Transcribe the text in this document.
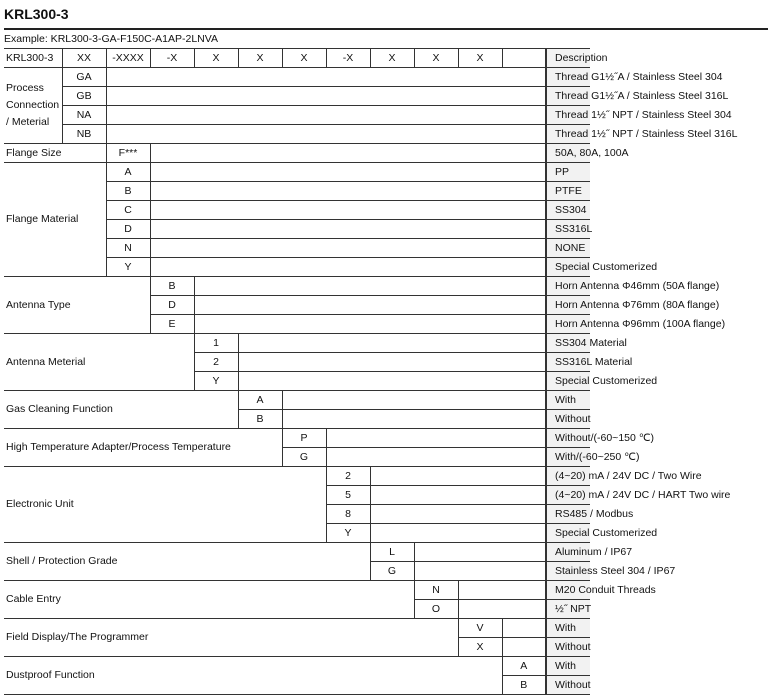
KRL300-3
Example: KRL300-3-GA-F150C-A1AP-2LNVA
KRL300-3	XX	-XXXX	-X	X	X	X	-X	X	X	X		Description
Process Connection / Meterial	GA											Thread G1½˝A / Stainless Steel 304
	GB											Thread G1½˝A / Stainless Steel 316L
	NA											Thread 1½˝ NPT / Stainless Steel 304
	NB											Thread 1½˝ NPT / Stainless Steel 316L
Flange Size		F***										50A, 80A, 100A
Flange Material		A										PP
		B										PTFE
		C										SS304
		D										SS316L
		N										NONE
		Y										Special Customerized
Antenna Type			B									Horn Antenna Φ46mm (50A flange)
			D									Horn Antenna Φ76mm (80A flange)
			E									Horn Antenna Φ96mm (100A flange)
Antenna Meterial				1								SS304 Material
				2								SS316L Material
				Y								Special Customerized
Gas Cleaning Function					A							With
					B							Without
High Temperature Adapter/Process Temperature						P						Without/(-60~150 ℃)
						G						With/(-60~250 ℃)
Electronic Unit							2					(4~20) mA / 24V DC / Two Wire
							5					(4~20) mA / 24V DC / HART Two wire
							8					RS485 / Modbus
							Y					Special Customerized
Shell / Protection Grade								L				Aluminum / IP67
								G				Stainless Steel 304 / IP67
Cable Entry									N			M20 Conduit Threads
									O			½˝ NPT
Field Display/The Programmer										V		With
										X		Without
Dustproof Function											A	With
											B	Without
